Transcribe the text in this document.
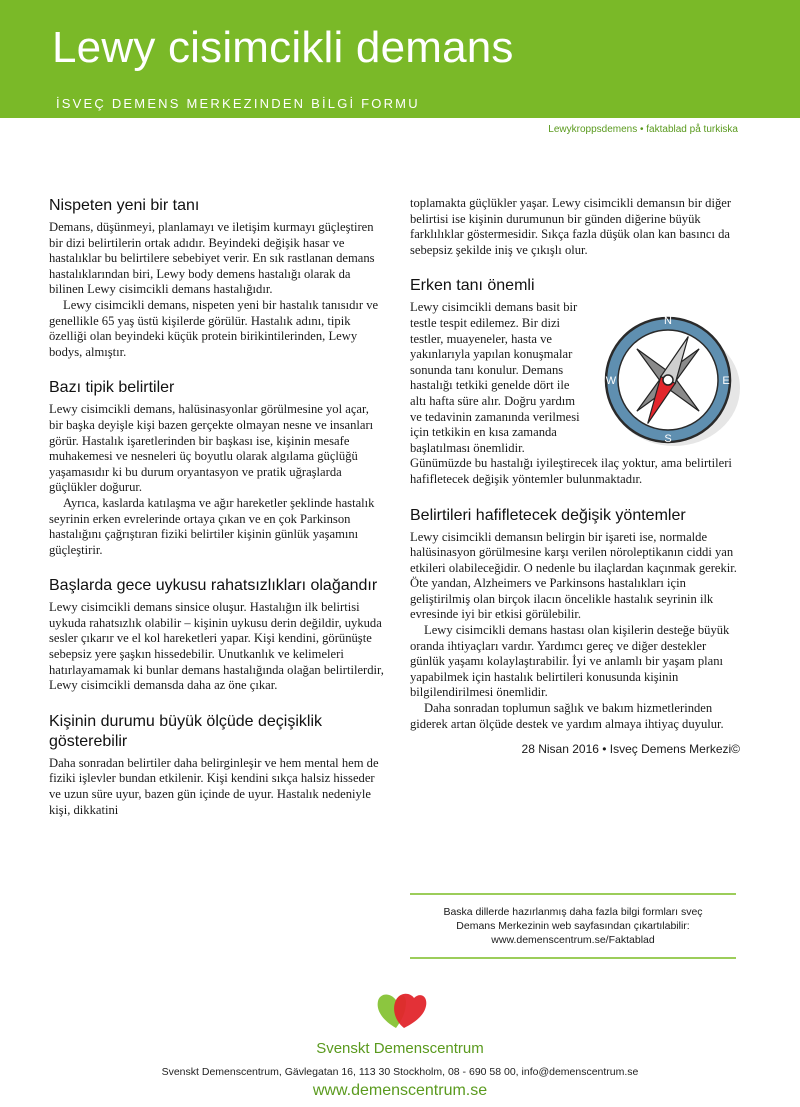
Lewy cisimcikli demans
İSVEÇ DEMENS MERKEZINDEN BİLGİ FORMU
Lewykroppsdemens • faktablad på turkiska
Nispeten yeni bir tanı

Demans, düşünmeyi, planlamayı ve iletişim kurmayı güçleştiren bir dizi belirtilerin ortak adıdır. Beyindeki değişik hasar ve hastalıklar bu belirtilere sebebiyet verir. En sık rastlanan demans hastalıklarından biri, Lewy body demens hastalığı olarak da bilinen Lewy cisimcikli demans hastalığıdır.

Lewy cisimcikli demans, nispeten yeni bir hastalık tanısıdır ve genellikle 65 yaş üstü kişilerde görülür. Hastalık adını, tipik özelliği olan beyindeki küçük protein birikintilerinden, Lewy bodys, almıştır.

Bazı tipik belirtiler

Lewy cisimcikli demans, halüsinasyonlar görülmesine yol açar, bir başka deyişle kişi bazen gerçekte olmayan nesne ve insanları görür. Hastalık işaretlerinden bir başkası ise, kişinin mesafe muhakemesi ve nesneleri üç boyutlu olarak algılama güçlüğü yaşamasıdır ki bu durum oryantasyon ve pratik uğraşlarda güçlükler doğurur.

Ayrıca, kaslarda katılaşma ve ağır hareketler şeklinde hastalık seyrinin erken evrelerinde ortaya çıkan ve en çok Parkinson hastalığını çağrıştıran fiziki belirtiler kişinin günlük yaşamını güçleştirir.

Başlarda gece uykusu rahatsızlıkları olağandır

Lewy cisimcikli demans sinsice oluşur. Hastalığın ilk belirtisi uykuda rahatsızlık olabilir – kişinin uykusu derin değildir, uykuda sesler çıkarır ve el kol hareketleri yapar. Kişi kendini, görünüşte sebepsiz yere şaşkın hissedebilir. Unutkanlık ve kelimeleri hatırlayamamak ki bunlar demans hastalığında olağan belirtilerdir, Lewy cisimcikli demansda daha az öne çıkar.

Kişinin durumu büyük ölçüde deçişiklik gösterebilir

Daha sonradan belirtiler daha belirginleşir ve hem mental hem de fiziki işlevler bundan etkilenir. Kişi kendini sıkça halsiz hisseder ve uzun süre uyur, bazen gün içinde de uyur. Hastalık nedeniyle kişi, dikkatini

toplamakta güçlükler yaşar. Lewy cisimcikli demansın bir diğer belirtisi ise kişinin durumunun bir günden diğerine büyük farklılıklar göstermesidir. Sıkça fazla düşük olan kan basıncı da sebepsiz şekilde iniş ve çıkışlı olur.

Erken tanı önemli
N
E
S
W

Lewy cisimcikli demans basit bir testle tespit edilemez. Bir dizi testler, muayeneler, hasta ve yakınlarıyla yapılan konuşmalar sonunda tanı konulur. Demans hastalığı tetkiki genelde dört ile altı hafta süre alır. Doğru yardım ve tedavinin zamanında verilmesi için tetkikin en kısa zamanda başlatılması önemlidir. Günümüzde bu hastalığı iyileştirecek ilaç yoktur, ama belirtileri hafifletecek değişik yöntemler bulunmaktadır.

Belirtileri hafifletecek değişik yöntemler

Lewy cisimcikli demansın belirgin bir işareti ise, normalde halüsinasyon görülmesine karşı verilen nöroleptikanın ciddi yan etkileri olabileceğidir. O nedenle bu ilaçlardan kaçınmak gerekir. Öte yandan, Alzheimers ve Parkinsons hastalıkları için geliştirilmiş olan birçok ilacın öncelikle hastalık seyrinin ilk evresinde iyi bir etkisi görülebilir.

Lewy cisimcikli demans hastası olan kişilerin desteğe büyük oranda ihtiyaçları vardır. Yardımcı gereç ve diğer destekler günlük yaşamı kolaylaştırabilir. İyi ve anlamlı bir yaşam planı yapabilmek için hastalık belirtileri konusunda kişinin bilgilendirilmesi önemlidir.

Daha sonradan toplumun sağlık ve bakım hizmetlerinden giderek artan ölçüde destek ve yardım almaya ihtiyaç duyulur.

28 Nisan 2016 • Isveç Demens Merkezi©
Baska dillerde hazırlanmış daha fazla bilgi formları sveç
Demans Merkezinin web sayfasından çıkartılabilir:
www.demenscentrum.se/Faktablad
Svenskt Demenscentrum
Svenskt Demenscentrum, Gävlegatan 16, 113 30 Stockholm, 08 - 690 58 00, info@demenscentrum.se
www.demenscentrum.se
